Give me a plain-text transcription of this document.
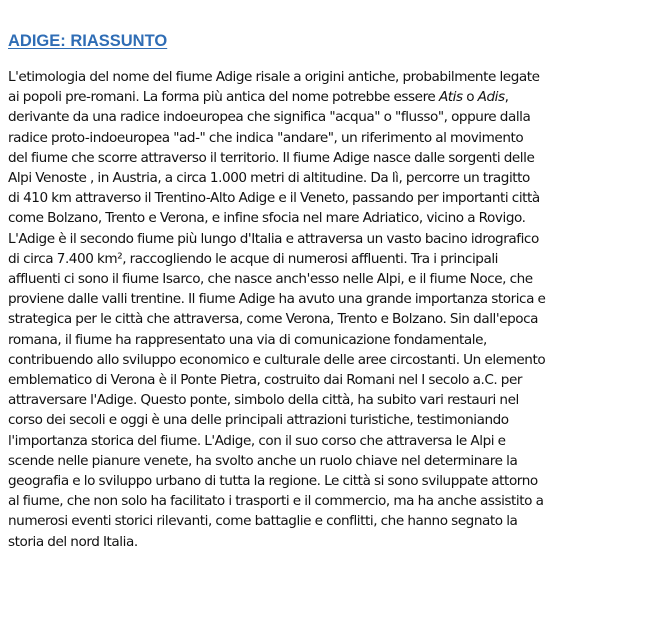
ADIGE: RIASSUNTO

L'etimologia del nome del fiume Adige risale a origini antiche, probabilmente legate
ai popoli pre-romani. La forma più antica del nome potrebbe essere Atis o Adis,
derivante da una radice indoeuropea che significa "acqua" o "flusso", oppure dalla
radice proto-indoeuropea "ad-" che indica "andare", un riferimento al movimento
del fiume che scorre attraverso il territorio. Il fiume Adige nasce dalle sorgenti delle
Alpi Venoste , in Austria, a circa 1.000 metri di altitudine. Da lì, percorre un tragitto
di 410 km attraverso il Trentino-Alto Adige e il Veneto, passando per importanti città
come Bolzano, Trento e Verona, e infine sfocia nel mare Adriatico, vicino a Rovigo.
L'Adige è il secondo fiume più lungo d'Italia e attraversa un vasto bacino idrografico
di circa 7.400 km², raccogliendo le acque di numerosi affluenti. Tra i principali
affluenti ci sono il fiume Isarco, che nasce anch'esso nelle Alpi, e il fiume Noce, che
proviene dalle valli trentine. Il fiume Adige ha avuto una grande importanza storica e
strategica per le città che attraversa, come Verona, Trento e Bolzano. Sin dall'epoca
romana, il fiume ha rappresentato una via di comunicazione fondamentale,
contribuendo allo sviluppo economico e culturale delle aree circostanti. Un elemento
emblematico di Verona è il Ponte Pietra, costruito dai Romani nel I secolo a.C. per
attraversare l'Adige. Questo ponte, simbolo della città, ha subito vari restauri nel
corso dei secoli e oggi è una delle principali attrazioni turistiche, testimoniando
l'importanza storica del fiume. L'Adige, con il suo corso che attraversa le Alpi e
scende nelle pianure venete, ha svolto anche un ruolo chiave nel determinare la
geografia e lo sviluppo urbano di tutta la regione. Le città si sono sviluppate attorno
al fiume, che non solo ha facilitato i trasporti e il commercio, ma ha anche assistito a
numerosi eventi storici rilevanti, come battaglie e conflitti, che hanno segnato la
storia del nord Italia.
